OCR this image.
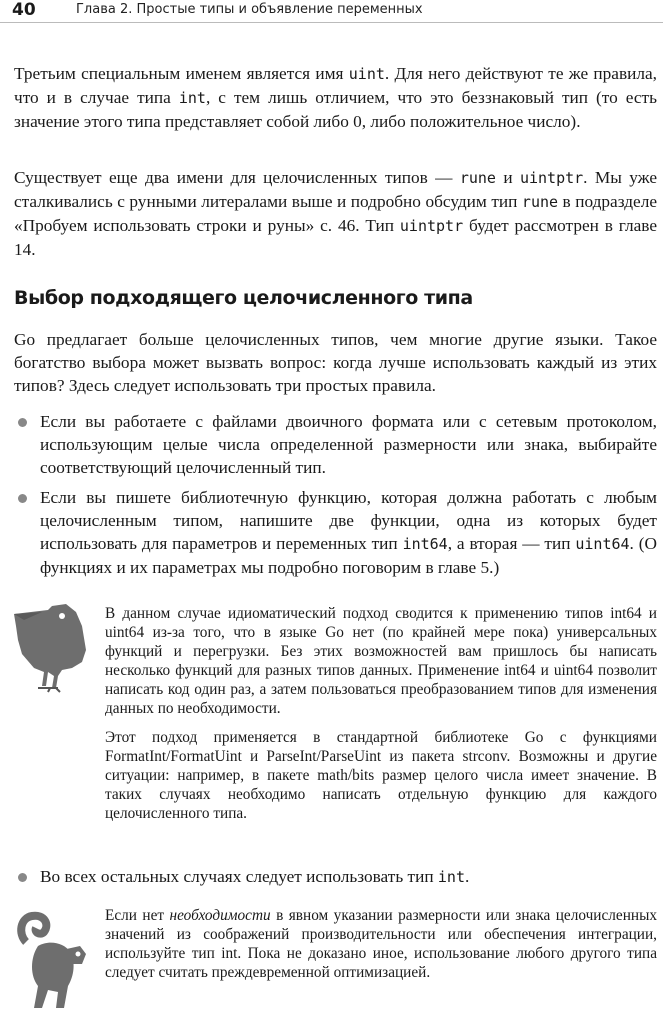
40	Глава 2. Простые типы и объявление переменных

Третьим специальным именем является имя uint. Для него действуют те же правила, что и в случае типа int, с тем лишь отличием, что это беззнаковый тип (то есть значение этого типа представляет собой либо 0, либо положительное число).

Существует еще два имени для целочисленных типов — rune и uintptr. Мы уже сталкивались с рунными литералами выше и подробно обсудим тип rune в подразделе «Пробуем использовать строки и руны» с. 46. Тип uintptr будет рассмотрен в главе 14.

Выбор подходящего целочисленного типа

Go предлагает больше целочисленных типов, чем многие другие языки. Такое богатство выбора может вызвать вопрос: когда лучше использовать каждый из этих типов? Здесь следует использовать три простых правила.

Если вы работаете с файлами двоичного формата или с сетевым протоколом, использующим целые числа определенной размерности или знака, выбирайте соответствующий целочисленный тип.

Если вы пишете библиотечную функцию, которая должна работать с любым целочисленным типом, напишите две функции, одна из которых будет использовать для параметров и переменных тип int64, а вторая — тип uint64. (О функциях и их параметрах мы подробно поговорим в главе 5.)

В данном случае идиоматический подход сводится к применению типов int64 и uint64 из-за того, что в языке Go нет (по крайней мере пока) универсальных функций и перегрузки. Без этих возможностей вам пришлось бы написать несколько функций для разных типов данных. Применение int64 и uint64 позволит написать код один раз, а затем пользоваться преобразованием типов для изменения данных по необходимости.

Этот подход применяется в стандартной библиотеке Go с функциями FormatInt/FormatUint и ParseInt/ParseUint из пакета strconv. Возможны и другие ситуации: например, в пакете math/bits размер целого числа имеет значение. В таких случаях необходимо написать отдельную функцию для каждого целочисленного типа.

Во всех остальных случаях следует использовать тип int.

Если нет необходимости в явном указании размерности или знака целочисленных значений из соображений производительности или обеспечения интеграции, используйте тип int. Пока не доказано иное, использование любого другого типа следует считать преждевременной оптимизацией.
